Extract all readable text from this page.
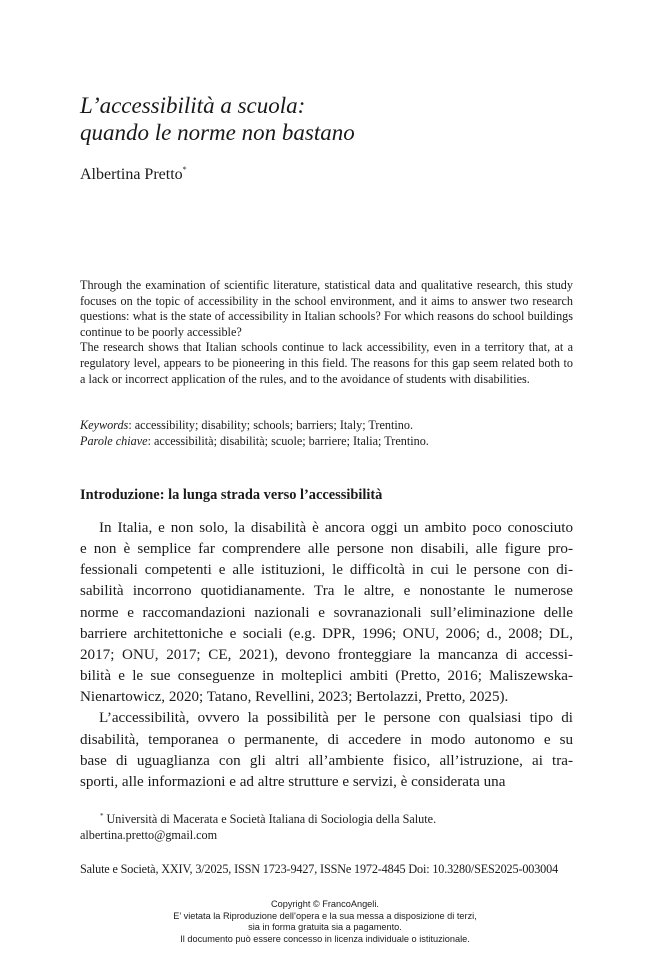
L’accessibilità a scuola:
quando le norme non bastano
Albertina Pretto*

Through the examination of scientific literature, statistical data and qualitative research, this study focuses on the topic of accessibility in the school environment, and it aims to answer two research questions: what is the state of accessibility in Italian schools? For which reasons do school buildings continue to be poorly accessible?

The research shows that Italian schools continue to lack accessibility, even in a territory that, at a regulatory level, appears to be pioneering in this field. The reasons for this gap seem related both to a lack or incorrect application of the rules, and to the avoidance of students with disabilities.

Keywords: accessibility; disability; schools; barriers; Italy; Trentino.
Parole chiave: accessibilità; disabilità; scuole; barriere; Italia; Trentino.
Introduzione: la lunga strada verso l’accessibilità

In Italia, e non solo, la disabilità è ancora oggi un ambito poco conosciuto
e non è semplice far comprendere alle persone non disabili, alle figure pro-
fessionali competenti e alle istituzioni, le difficoltà in cui le persone con di-
sabilità incorrono quotidianamente. Tra le altre, e nonostante le numerose
norme e raccomandazioni nazionali e sovranazionali sull’eliminazione delle
barriere architettoniche e sociali (e.g. DPR, 1996; ONU, 2006; d., 2008; DL,
2017; ONU, 2017; CE, 2021), devono fronteggiare la mancanza di accessi-
bilità e le sue conseguenze in molteplici ambiti (Pretto, 2016; Maliszewska-
Nienartowicz, 2020; Tatano, Revellini, 2023; Bertolazzi, Pretto, 2025).

L’accessibilità, ovvero la possibilità per le persone con qualsiasi tipo di
disabilità, temporanea o permanente, di accedere in modo autonomo e su
base di uguaglianza con gli altri all’ambiente fisico, all’istruzione, ai tra-
sporti, alle informazioni e ad altre strutture e servizi, è considerata una

* Università di Macerata e Società Italiana di Sociologia della Salute.
albertina.pretto@gmail.com
Salute e Società, XXIV, 3/2025, ISSN 1723-9427, ISSNe 1972-4845 Doi: 10.3280/SES2025-003004
Copyright © FrancoAngeli.
E’ vietata la Riproduzione dell’opera e la sua messa a disposizione di terzi,
sia in forma gratuita sia a pagamento.
Il documento può essere concesso in licenza individuale o istituzionale.
